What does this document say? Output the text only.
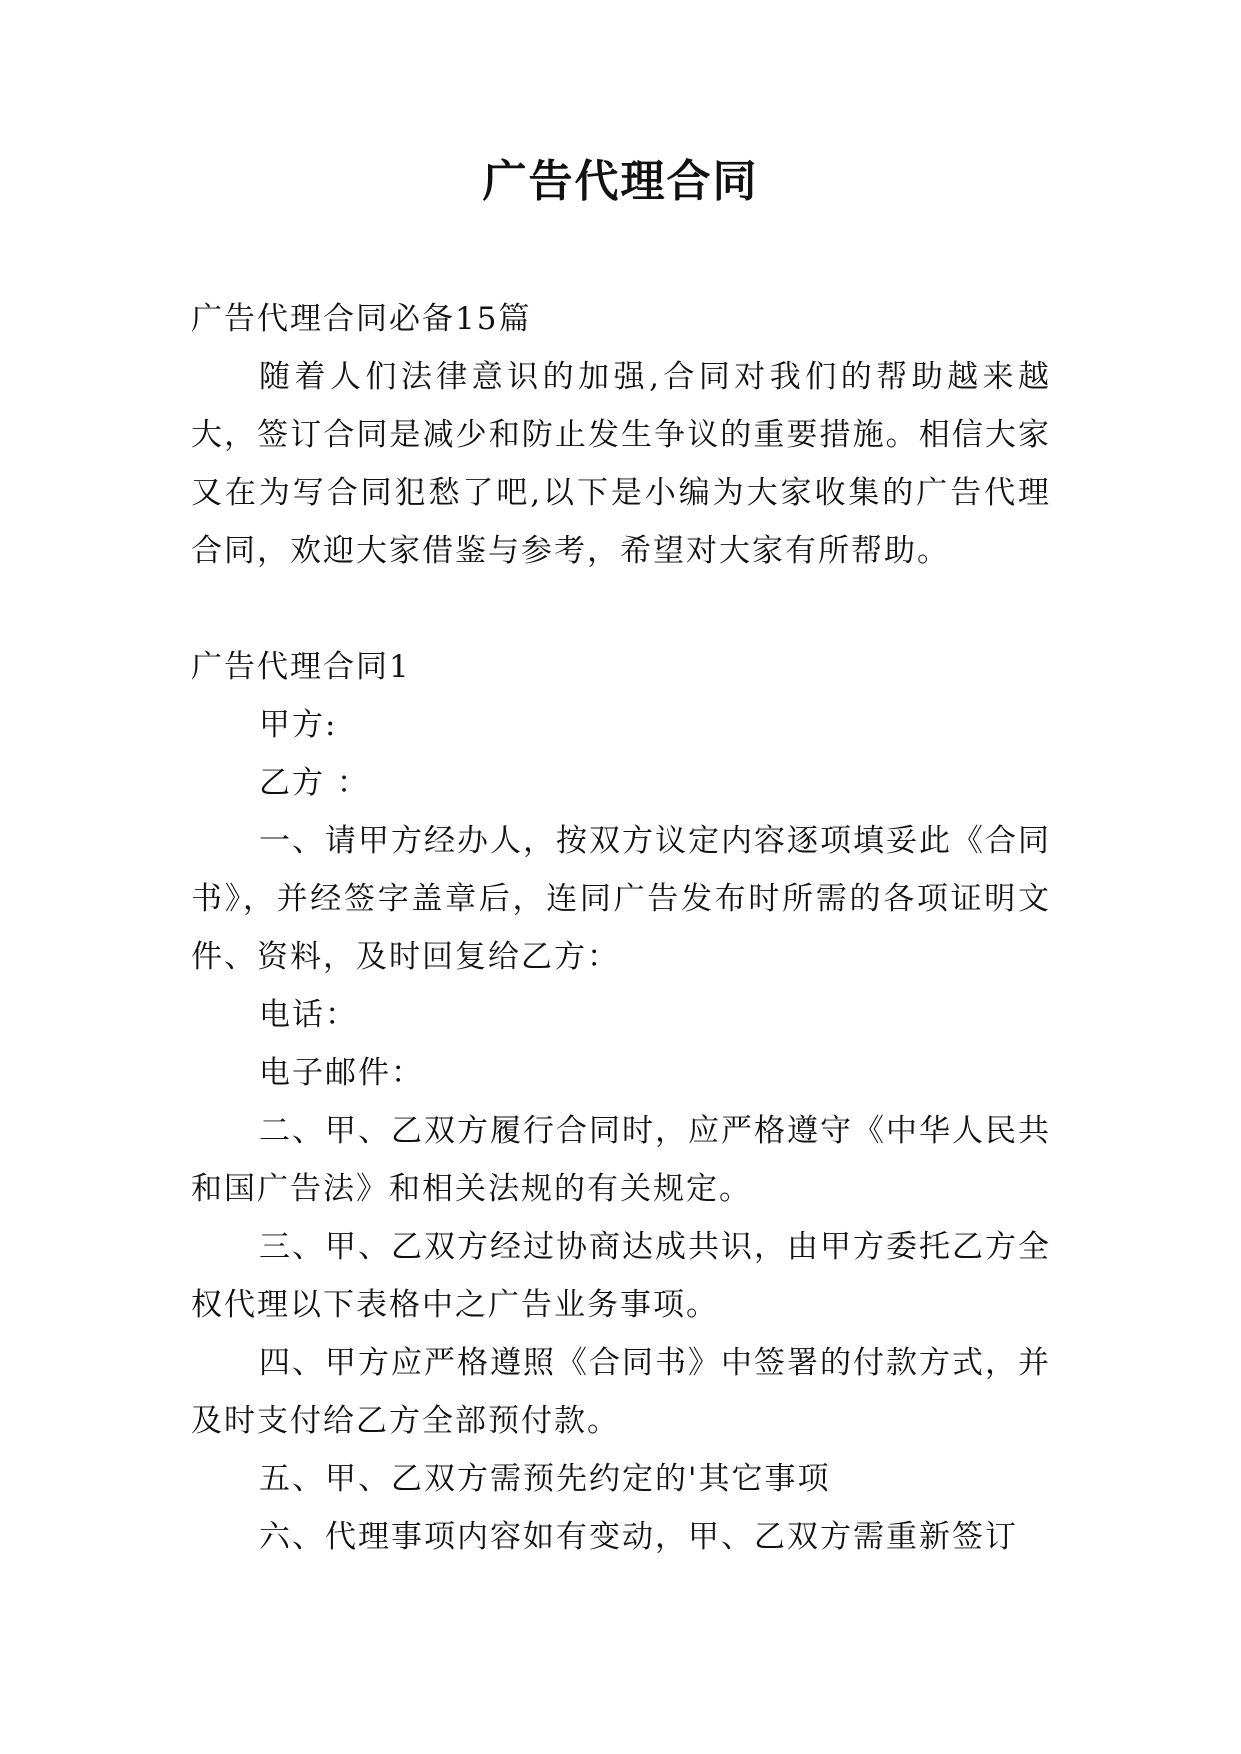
广告代理合同

广告代理合同必备15篇

随着人们法律意识的加强,合同对我们的帮助越来越大，签订合同是减少和防止发生争议的重要措施。相信大家又在为写合同犯愁了吧,以下是小编为大家收集的广告代理合同，欢迎大家借鉴与参考，希望对大家有所帮助。

广告代理合同1

甲方:

乙方 ：

一、请甲方经办人，按双方议定内容逐项填妥此《合同书》，并经签字盖章后，连同广告发布时所需的各项证明文件、资料，及时回复给乙方：

电话：

电子邮件：

二、甲、乙双方履行合同时，应严格遵守《中华人民共和国广告法》和相关法规的有关规定。

三、甲、乙双方经过协商达成共识，由甲方委托乙方全权代理以下表格中之广告业务事项。

四、甲方应严格遵照《合同书》中签署的付款方式，并及时支付给乙方全部预付款。

五、甲、乙双方需预先约定的'其它事项

六、代理事项内容如有变动，甲、乙双方需重新签订
